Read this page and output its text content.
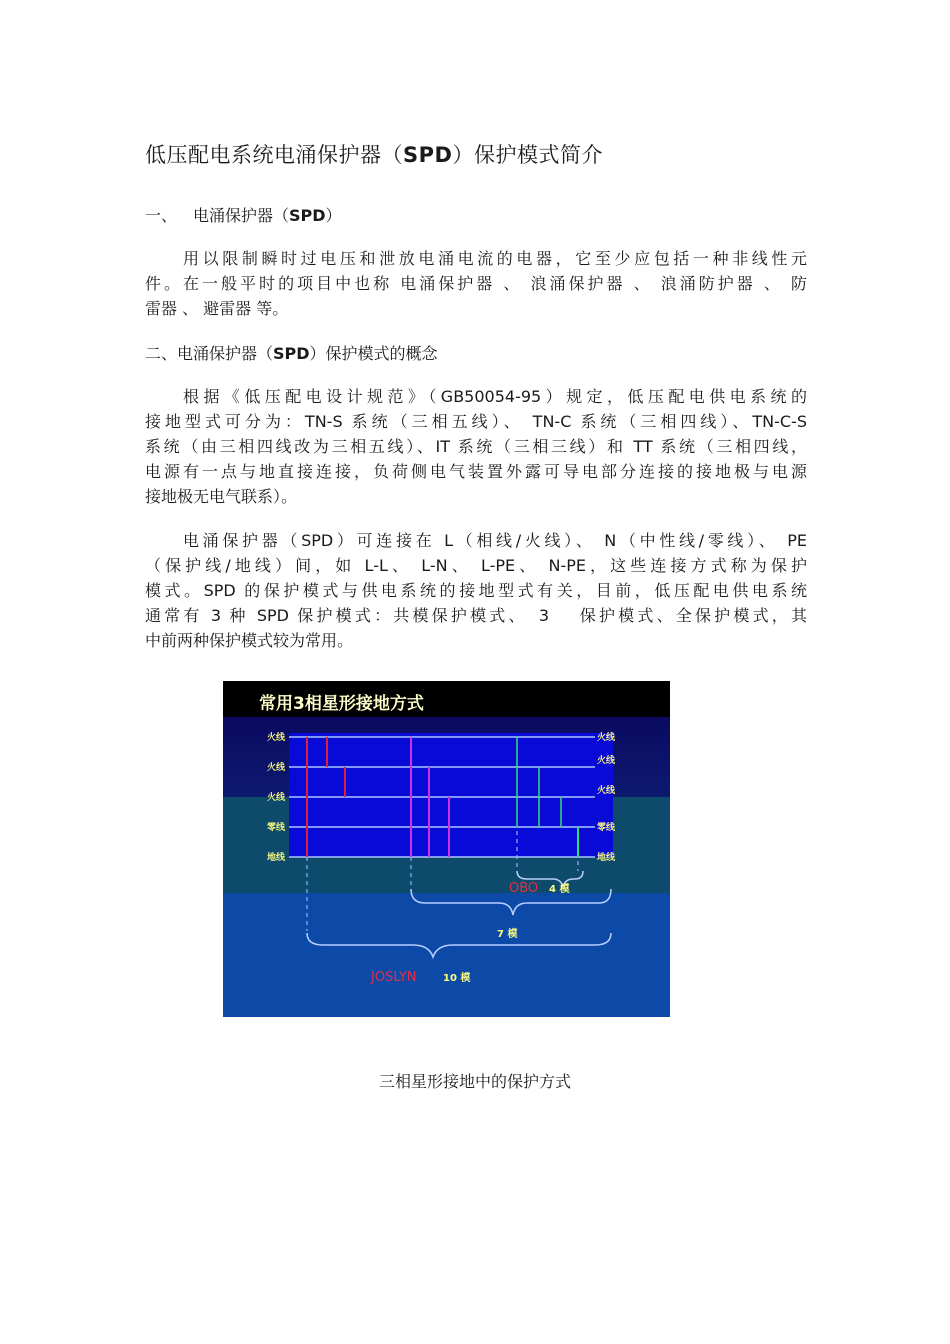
低压配电系统电涌保护器（SPD）保护模式简介
一、 电涌保护器（SPD）
用以限制瞬时过电压和泄放电涌电流的电器，它至少应包括一种非线性元
件。在一般平时的项目中也称 电涌保护器 、 浪涌保护器 、 浪涌防护器 、 防
雷器 、 避雷器 等。
二、电涌保护器（SPD）保护模式的概念
根据《低压配电设计规范》（GB50054-95）规定，低压配电供电系统的
接地型式可分为：TN-S 系统（三相五线）、 TN-C 系统（三相四线）、TN-C-S
系统（由三相四线改为三相五线）、IT 系统（三相三线）和 TT 系统（三相四线，
电源有一点与地直接连接，负荷侧电气装置外露可导电部分连接的接地极与电源
接地极无电气联系）。
电涌保护器（SPD）可连接在 L（相线/火线）、 N（中性线/零线）、 PE
（保护线/地线）间，如 L-L、 L-N、 L-PE、 N-PE，这些连接方式称为保护
模式。SPD 的保护模式与供电系统的接地型式有关，目前，低压配电供电系统
通常有 3 种 SPD 保护模式：共模保护模式、　3　 保护模式、全保护模式，其
中前两种保护模式较为常用。
常用3相星形接地方式
火线
火线
火线
零线
地线
火线
火线
火线
零线
地线
OBO 4 模
7 模
JOSLYN	10 模
三相星形接地中的保护方式
